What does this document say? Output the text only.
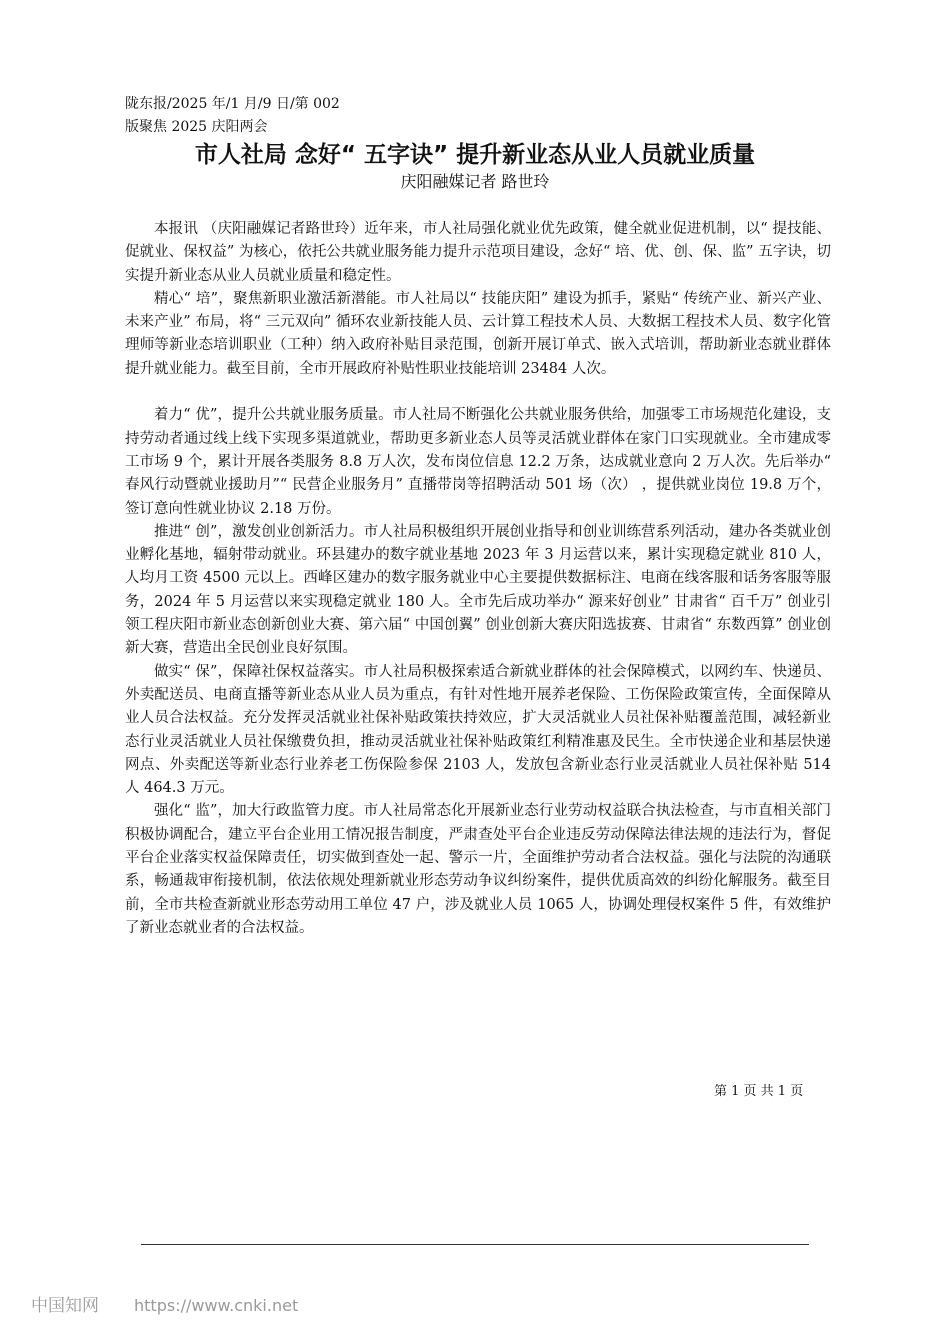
陇东报/2025 年/1 月/9 日/第 002
版聚焦 2025 庆阳两会
市人社局 念好“ 五字诀” 提升新业态从业人员就业质量
庆阳融媒记者 路世玲

本报讯 （庆阳融媒记者路世玲）近年来，市人社局强化就业优先政策，健全就业促进机制，以“ 提技能、促就业、保权益” 为核心，依托公共就业服务能力提升示范项目建设，念好“ 培、优、创、保、监” 五字诀，切实提升新业态从业人员就业质量和稳定性。

精心“ 培”，聚焦新职业激活新潜能。市人社局以“ 技能庆阳” 建设为抓手，紧贴“ 传统产业、新兴产业、未来产业” 布局，将“ 三元双向” 循环农业新技能人员、云计算工程技术人员、大数据工程技术人员、数字化管理师等新业态培训职业（工种）纳入政府补贴目录范围，创新开展订单式、嵌入式培训，帮助新业态就业群体提升就业能力。截至目前，全市开展政府补贴性职业技能培训 23484 人次。

着力“ 优”，提升公共就业服务质量。市人社局不断强化公共就业服务供给，加强零工市场规范化建设，支持劳动者通过线上线下实现多渠道就业，帮助更多新业态人员等灵活就业群体在家门口实现就业。全市建成零工市场 9 个，累计开展各类服务 8.8 万人次，发布岗位信息 12.2 万条，达成就业意向 2 万人次。先后举办“ 春风行动暨就业援助月”“ 民营企业服务月” 直播带岗等招聘活动 501 场（次） ，提供就业岗位 19.8 万个，签订意向性就业协议 2.18 万份。

推进“ 创”，激发创业创新活力。市人社局积极组织开展创业指导和创业训练营系列活动，建办各类就业创业孵化基地，辐射带动就业。环县建办的数字就业基地 2023 年 3 月运营以来，累计实现稳定就业 810 人，人均月工资 4500 元以上。西峰区建办的数字服务就业中心主要提供数据标注、电商在线客服和话务客服等服务，2024 年 5 月运营以来实现稳定就业 180 人。全市先后成功举办“ 源来好创业” 甘肃省“ 百千万” 创业引领工程庆阳市新业态创新创业大赛、第六届“ 中国创翼” 创业创新大赛庆阳选拔赛、甘肃省“ 东数西算” 创业创新大赛，营造出全民创业良好氛围。

做实“ 保”，保障社保权益落实。市人社局积极探索适合新就业群体的社会保障模式，以网约车、快递员、外卖配送员、电商直播等新业态从业人员为重点，有针对性地开展养老保险、工伤保险政策宣传，全面保障从业人员合法权益。充分发挥灵活就业社保补贴政策扶持效应，扩大灵活就业人员社保补贴覆盖范围，减轻新业态行业灵活就业人员社保缴费负担，推动灵活就业社保补贴政策红利精准惠及民生。全市快递企业和基层快递网点、外卖配送等新业态行业养老工伤保险参保 2103 人，发放包含新业态行业灵活就业人员社保补贴 514 人 464.3 万元。

强化“ 监”，加大行政监管力度。市人社局常态化开展新业态行业劳动权益联合执法检查，与市直相关部门积极协调配合，建立平台企业用工情况报告制度，严肃查处平台企业违反劳动保障法律法规的违法行为，督促平台企业落实权益保障责任，切实做到查处一起、警示一片，全面维护劳动者合法权益。强化与法院的沟通联系，畅通裁审衔接机制，依法依规处理新就业形态劳动争议纠纷案件，提供优质高效的纠纷化解服务。截至目前，全市共检查新就业形态劳动用工单位 47 户，涉及就业人员 1065 人，协调处理侵权案件 5 件，有效维护了新业态就业者的合法权益。

第 1 页 共 1 页
中国知网 https://www.cnki.net
